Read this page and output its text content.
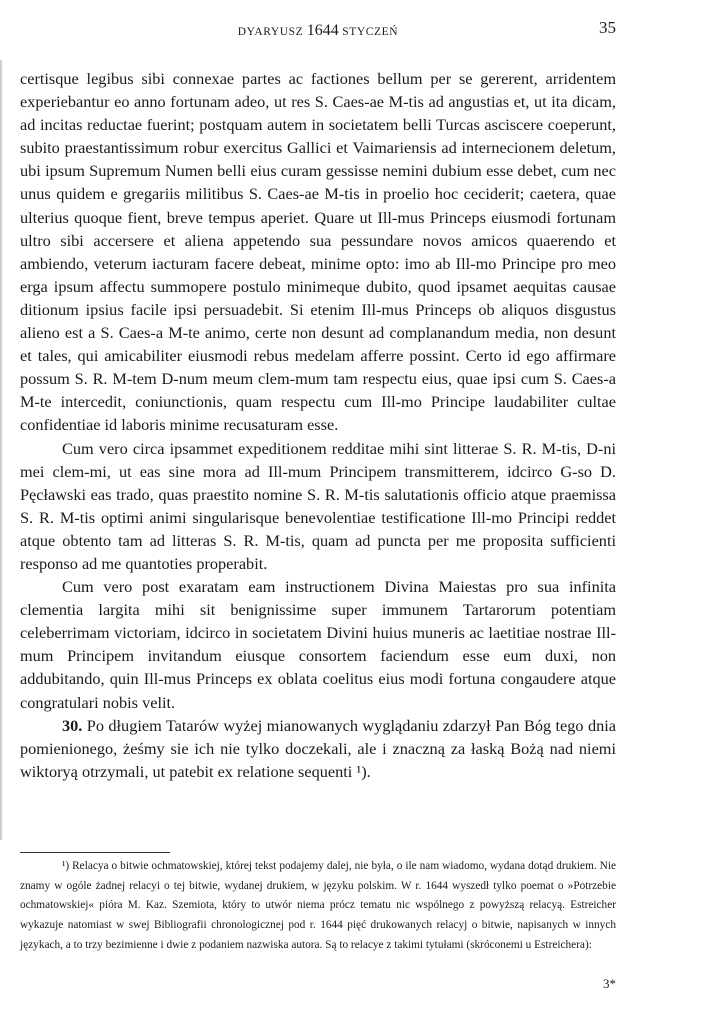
DYARYUSZ 1644 STYCZEŃ	35

certisque legibus sibi connexae partes ac factiones bellum per se gererent, arridentem experiebantur eo anno fortunam adeo, ut res S. Caes-ae M-tis ad angustias et, ut ita dicam, ad incitas reductae fuerint; postquam autem in societatem belli Turcas asciscere coeperunt, subito praestantissimum robur exercitus Gallici et Vaimariensis ad internecionem deletum, ubi ipsum Supremum Numen belli eius curam gessisse nemini dubium esse debet, cum nec unus quidem e gregariis militibus S. Caes-ae M-tis in proelio hoc ceciderit; caetera, quae ulterius quoque fient, breve tempus aperiet. Quare ut Ill-mus Princeps eiusmodi fortunam ultro sibi accersere et aliena appetendo sua pessundare novos amicos quaerendo et ambiendo, veterum iacturam facere debeat, minime opto: imo ab Ill-mo Principe pro meo erga ipsum affectu summopere postulo minimeque dubito, quod ipsamet aequitas causae ditionum ipsius facile ipsi persuadebit. Si etenim Ill-mus Princeps ob aliquos disgustus alieno est a S. Caes-a M-te animo, certe non desunt ad complanandum media, non desunt et tales, qui amicabiliter eiusmodi rebus medelam afferre possint. Certo id ego affirmare possum S. R. M-tem D-num meum clem-mum tam respectu eius, quae ipsi cum S. Caes-a M-te intercedit, coniunctionis, quam respectu cum Ill-mo Principe laudabiliter cultae confidentiae id laboris minime recusaturam esse.

Cum vero circa ipsammet expeditionem redditae mihi sint litterae S. R. M-tis, D-ni mei clem-mi, ut eas sine mora ad Ill-mum Principem transmitterem, idcirco G-so D. Pęcławski eas trado, quas praestito nomine S. R. M-tis salutationis officio atque praemissa S. R. M-tis optimi animi singularisque benevolentiae testificatione Ill-mo Principi reddet atque obtento tam ad litteras S. R. M-tis, quam ad puncta per me proposita sufficienti responso ad me quantoties properabit.

Cum vero post exaratam eam instructionem Divina Maiestas pro sua infinita clementia largita mihi sit benignissime super immunem Tartarorum potentiam celeberrimam victoriam, idcirco in societatem Divini huius muneris ac laetitiae nostrae Ill-mum Principem invitandum eiusque consortem faciendum esse eum duxi, non addubitando, quin Ill-mus Princeps ex oblata coelitus eius modi fortuna congaudere atque congratulari nobis velit.

30. Po długiem Tatarów wyżej mianowanych wyglądaniu zdarzył Pan Bóg tego dnia pomienionego, żeśmy sie ich nie tylko doczekali, ale i znaczną za łaską Bożą nad niemi wiktoryą otrzymali, ut patebit ex relatione sequenti ¹).

¹) Relacya o bitwie ochmatowskiej, której tekst podajemy dalej, nie była, o ile nam wiadomo, wydana dotąd drukiem. Nie znamy w ogóle żadnej relacyi o tej bitwie, wydanej drukiem, w języku polskim. W r. 1644 wyszedł tylko poemat o »Potrzebie ochmatowskiej« pióra M. Kaz. Szemiota, który to utwór niema prócz tematu nic wspólnego z powyższą relacyą. Estreicher wykazuje natomiast w swej Bibliografii chronologicznej pod r. 1644 pięć drukowanych relacyj o bitwie, napisanych w innych językach, a to trzy bezimienne i dwie z podaniem nazwiska autora. Są to relacye z takimi tytułami (skróconemi u Estreichera):

3*
